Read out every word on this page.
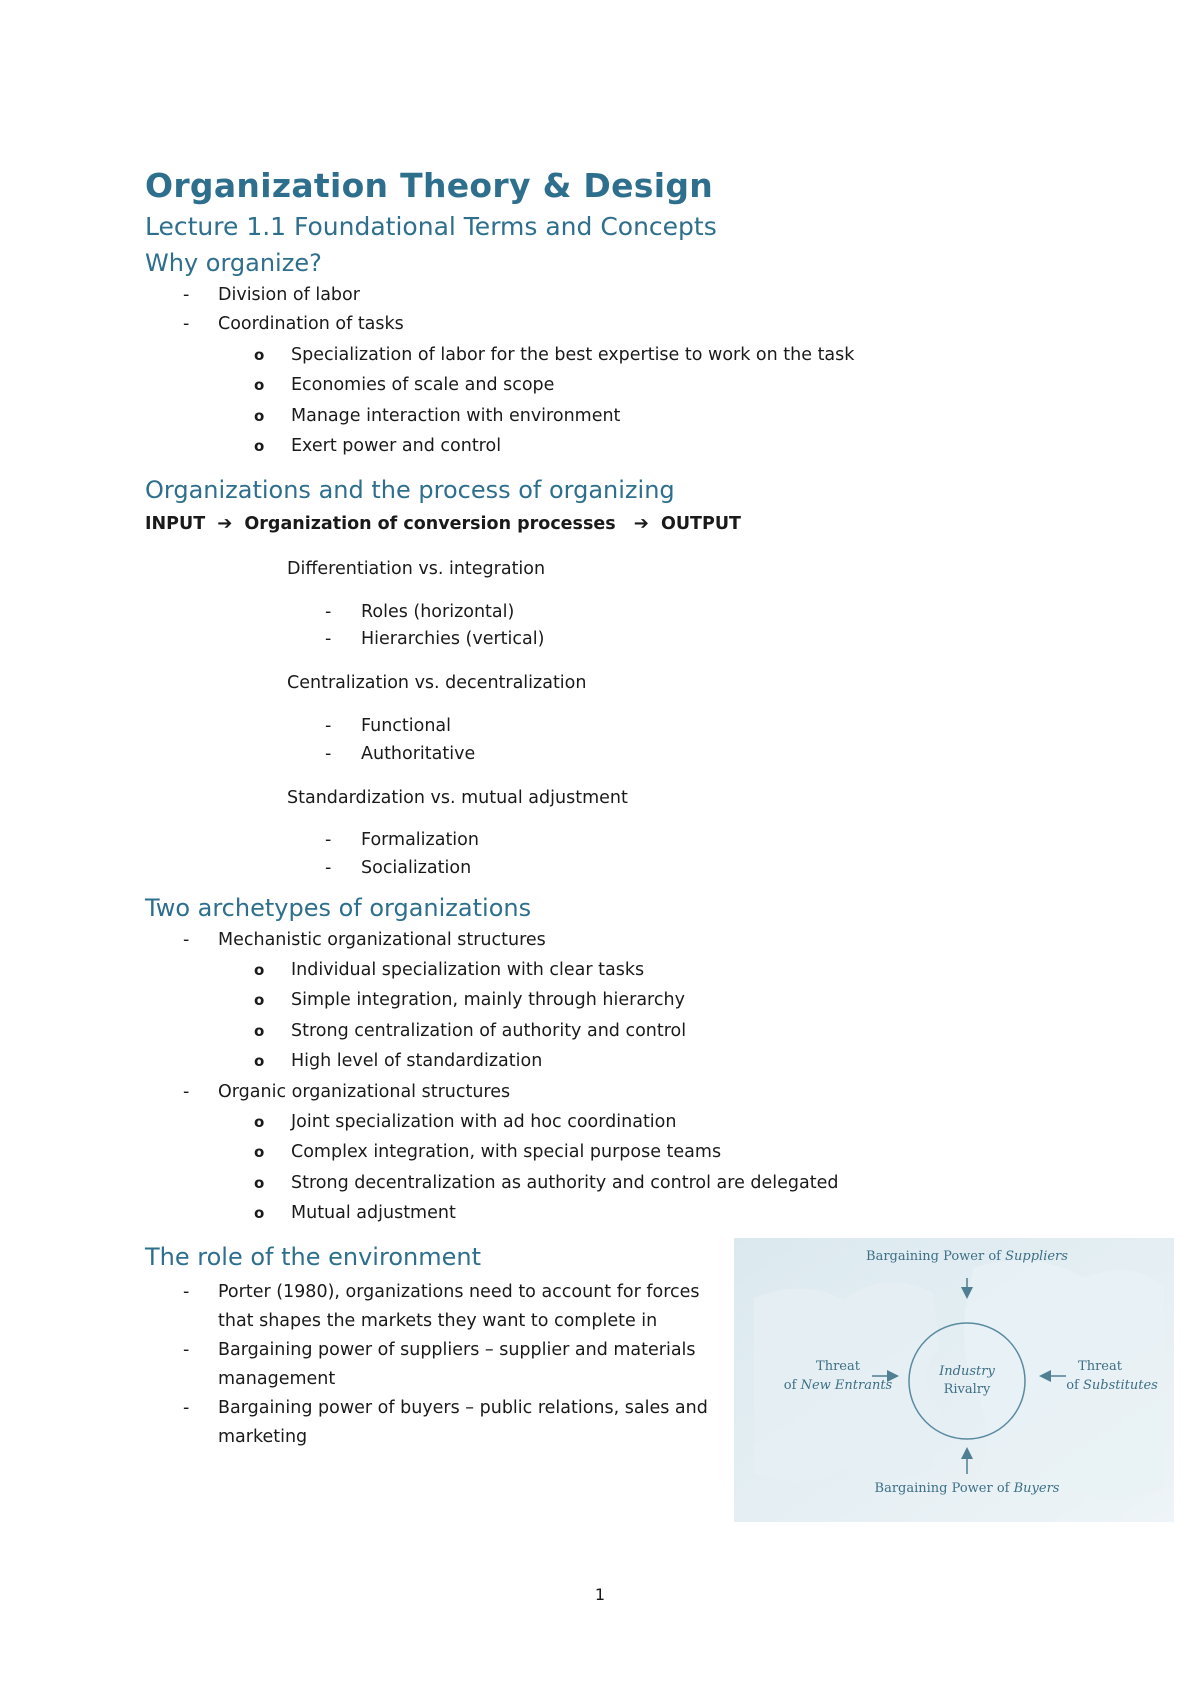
Organization Theory & Design
Lecture 1.1 Foundational Terms and Concepts
Why organize?
-	Division of labor
-	Coordination of tasks
o Specialization of labor for the best expertise to work on the task
o Economies of scale and scope
o Manage interaction with environment
o Exert power and control
Organizations and the process of organizing
INPUT ➔ Organization of conversion processes ➔ OUTPUT
Differentiation vs. integration
-	Roles (horizontal)
-	Hierarchies (vertical)
Centralization vs. decentralization
-	Functional
-	Authoritative
Standardization vs. mutual adjustment
-	Formalization
-	Socialization
Two archetypes of organizations
-	Mechanistic organizational structures
o Individual specialization with clear tasks
o Simple integration, mainly through hierarchy
o Strong centralization of authority and control
o High level of standardization
-	Organic organizational structures
o Joint specialization with ad hoc coordination
o Complex integration, with special purpose teams
o Strong decentralization as authority and control are delegated
o Mutual adjustment
The role of the environment
-	Porter (1980), organizations need to account for forces that shapes the markets they want to complete in
-	Bargaining power of suppliers – supplier and materials management
-	Bargaining power of buyers – public relations, sales and marketing
Bargaining Power of Suppliers
Industry
Rivalry
Threat
of New Entrants
Threat
of Substitutes
Bargaining Power of Buyers
1
